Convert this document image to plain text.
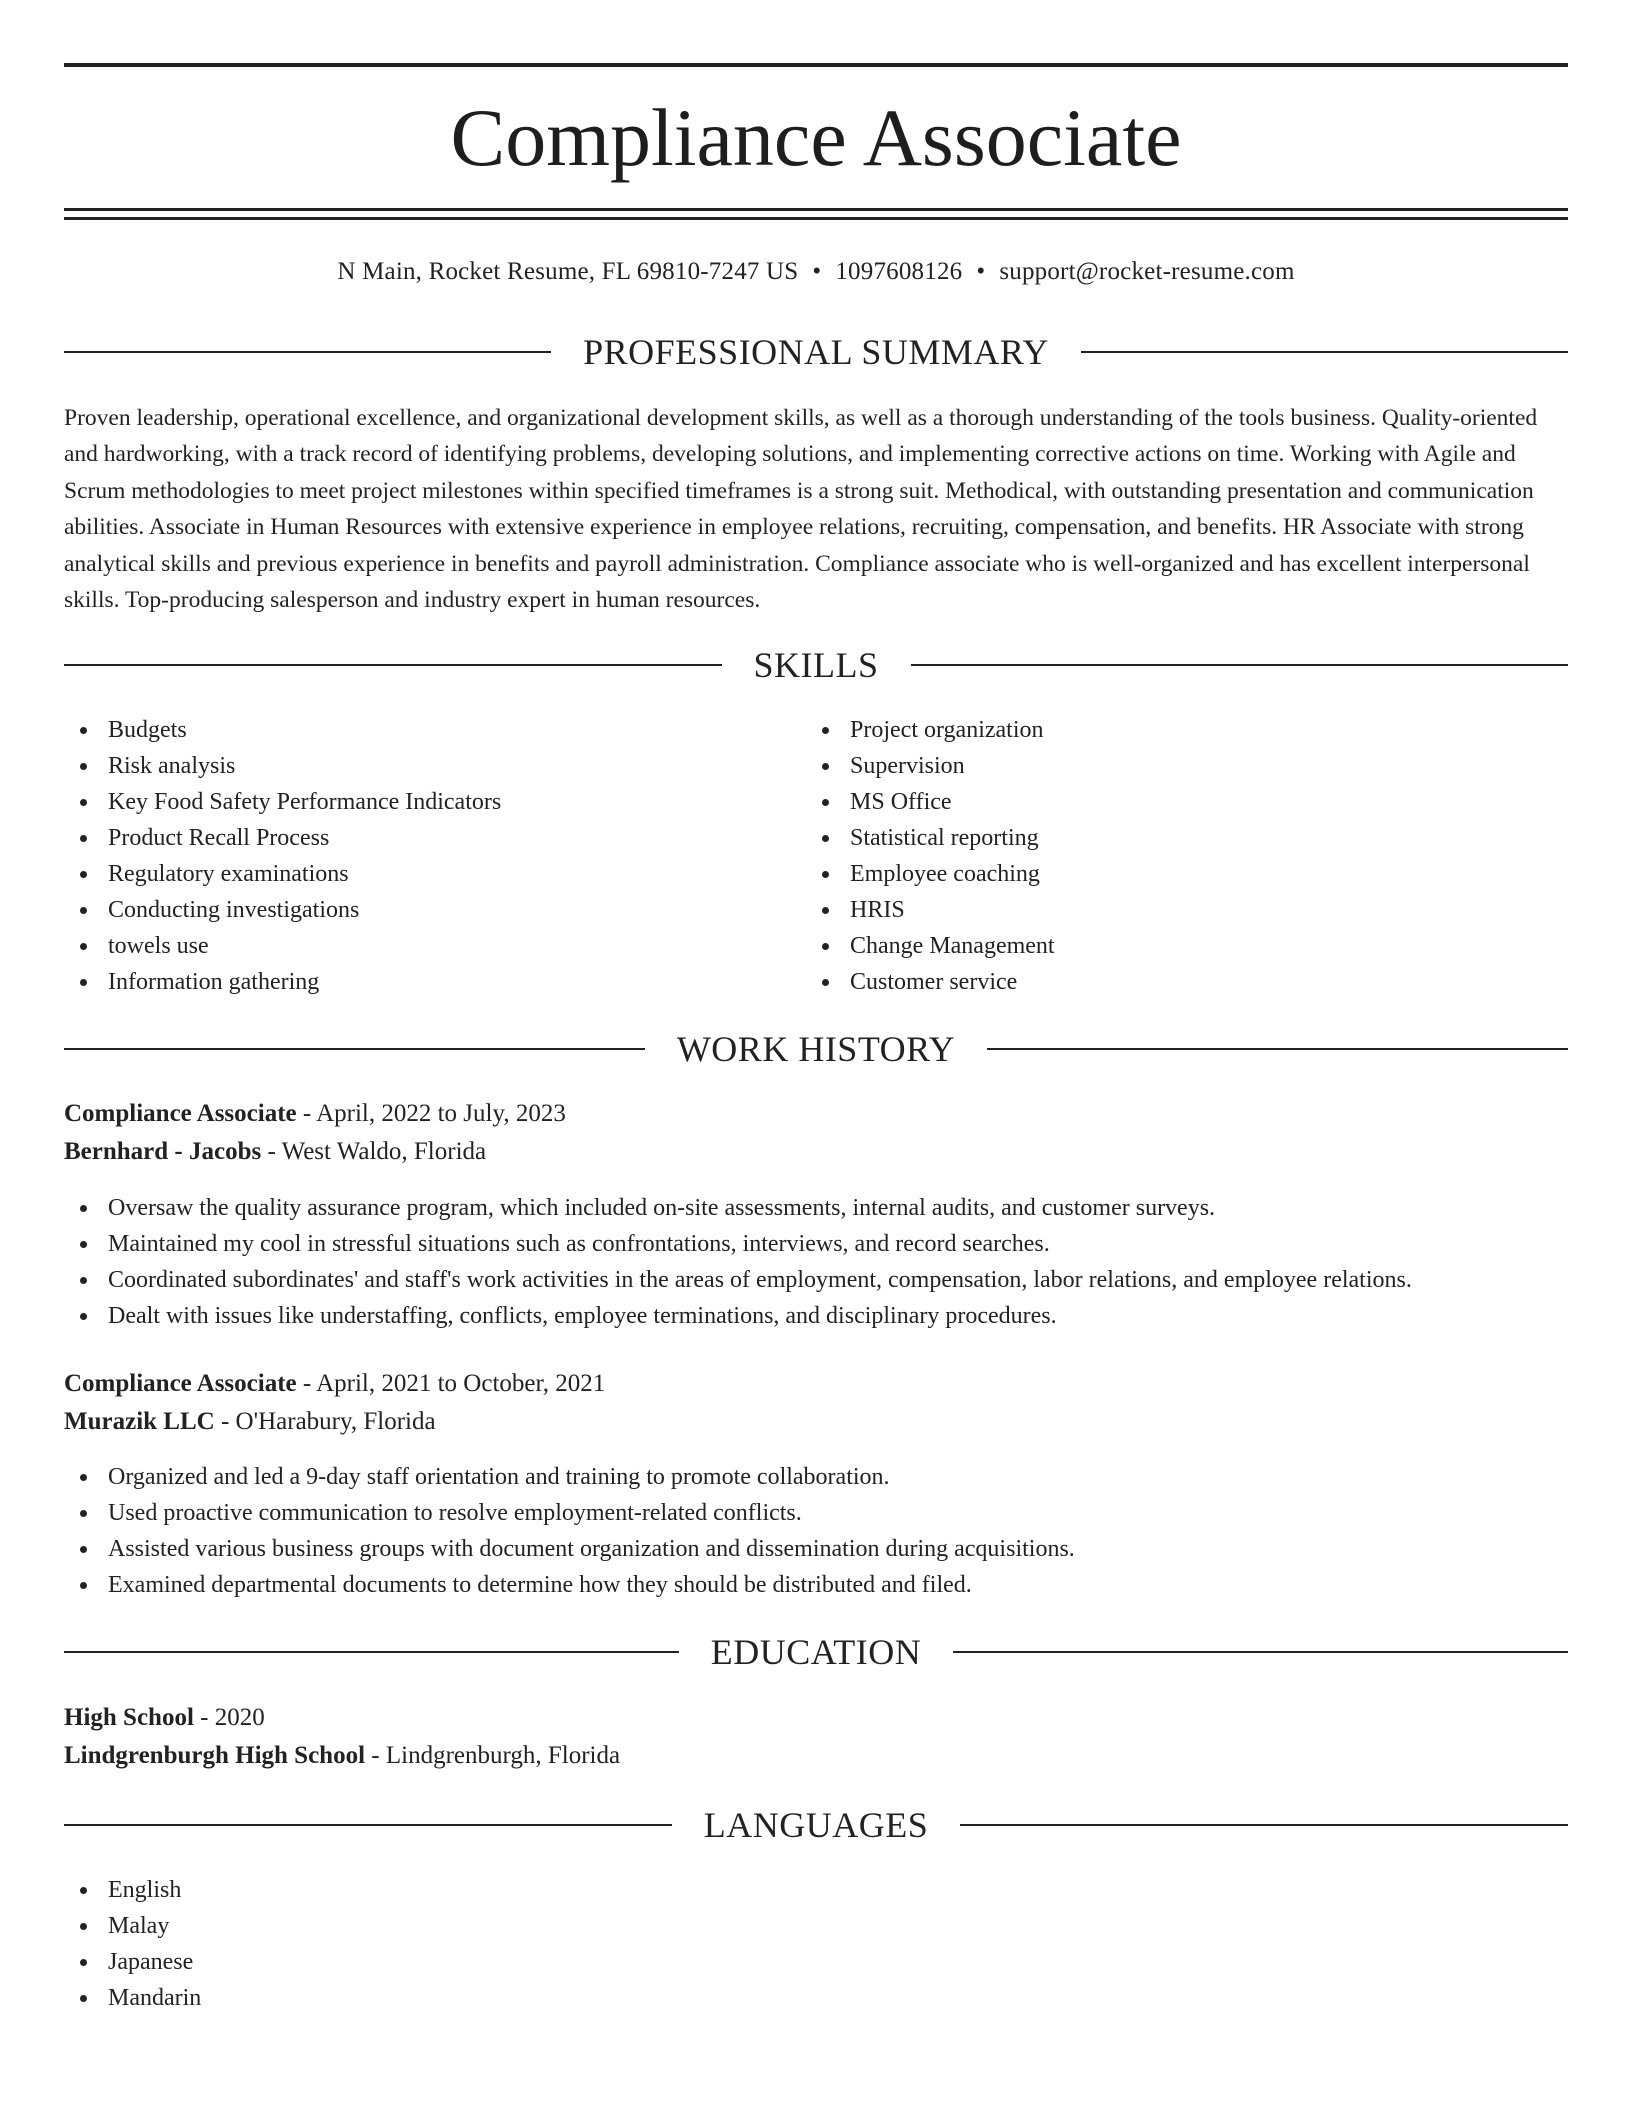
Compliance Associate
N Main, Rocket Resume, FL 69810-7247 US • 1097608126 • support@rocket-resume.com
PROFESSIONAL SUMMARY

Proven leadership, operational excellence, and organizational development skills, as well as a thorough understanding of the tools business. Quality-oriented and hardworking, with a track record of identifying problems, developing solutions, and implementing corrective actions on time. Working with Agile and Scrum methodologies to meet project milestones within specified timeframes is a strong suit. Methodical, with outstanding presentation and communication abilities. Associate in Human Resources with extensive experience in employee relations, recruiting, compensation, and benefits. HR Associate with strong analytical skills and previous experience in benefits and payroll administration. Compliance associate who is well-organized and has excellent interpersonal skills. Top-producing salesperson and industry expert in human resources.

SKILLS
Budgets
Risk analysis
Key Food Safety Performance Indicators
Product Recall Process
Regulatory examinations
Conducting investigations
towels use
Information gathering
Project organization
Supervision
MS Office
Statistical reporting
Employee coaching
HRIS
Change Management
Customer service
WORK HISTORY
Compliance Associate - April, 2022 to July, 2023
Bernhard - Jacobs - West Waldo, Florida
Oversaw the quality assurance program, which included on-site assessments, internal audits, and customer surveys.
Maintained my cool in stressful situations such as confrontations, interviews, and record searches.
Coordinated subordinates' and staff's work activities in the areas of employment, compensation, labor relations, and employee relations.
Dealt with issues like understaffing, conflicts, employee terminations, and disciplinary procedures.
Compliance Associate - April, 2021 to October, 2021
Murazik LLC - O'Harabury, Florida
Organized and led a 9-day staff orientation and training to promote collaboration.
Used proactive communication to resolve employment-related conflicts.
Assisted various business groups with document organization and dissemination during acquisitions.
Examined departmental documents to determine how they should be distributed and filed.
EDUCATION
High School - 2020
Lindgrenburgh High School - Lindgrenburgh, Florida
LANGUAGES
English
Malay
Japanese
Mandarin
